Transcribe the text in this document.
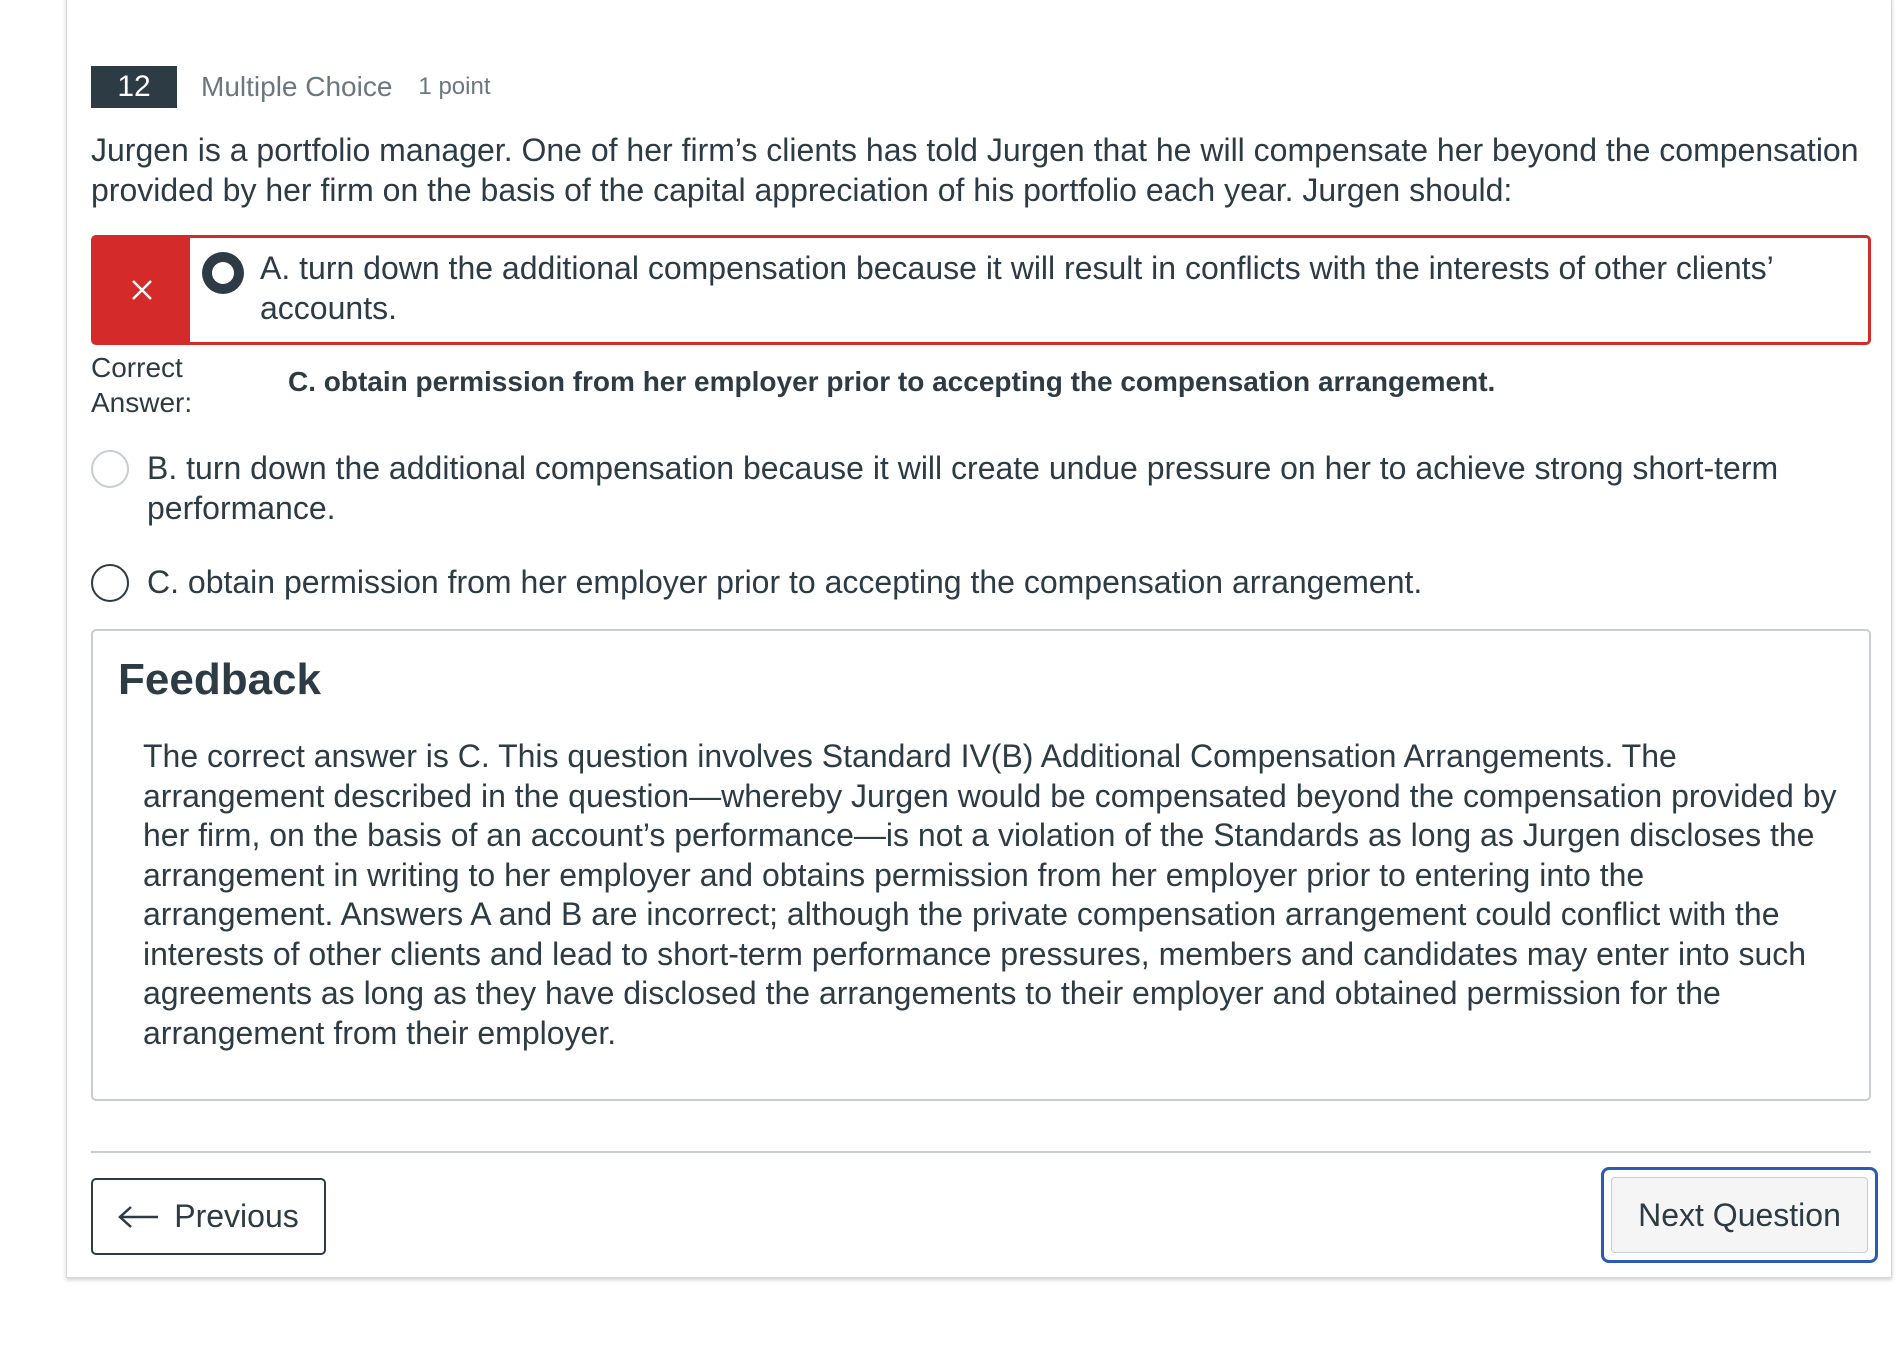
12	Multiple Choice 1 point

Jurgen is a portfolio manager. One of her firm’s clients has told Jurgen that he will compensate her beyond the compensation provided by her firm on the basis of the capital appreciation of his portfolio each year. Jurgen should:

A. turn down the additional compensation because it will result in conflicts with the interests of other clients’ accounts.
Correct Answer:
C. obtain permission from her employer prior to accepting the compensation arrangement.
B. turn down the additional compensation because it will create undue pressure on her to achieve strong short-term performance.
C. obtain permission from her employer prior to accepting the compensation arrangement.
Feedback

The correct answer is C. This question involves Standard IV(B) Additional Compensation Arrangements. The arrangement described in the question—whereby Jurgen would be compensated beyond the compensation provided by her firm, on the basis of an account’s performance—is not a violation of the Standards as long as Jurgen discloses the arrangement in writing to her employer and obtains permission from her employer prior to entering into the arrangement. Answers A and B are incorrect; although the private compensation arrangement could conflict with the interests of other clients and lead to short-term performance pressures, members and candidates may enter into such agreements as long as they have disclosed the arrangements to their employer and obtained permission for the arrangement from their employer.

Previous	Next Question
